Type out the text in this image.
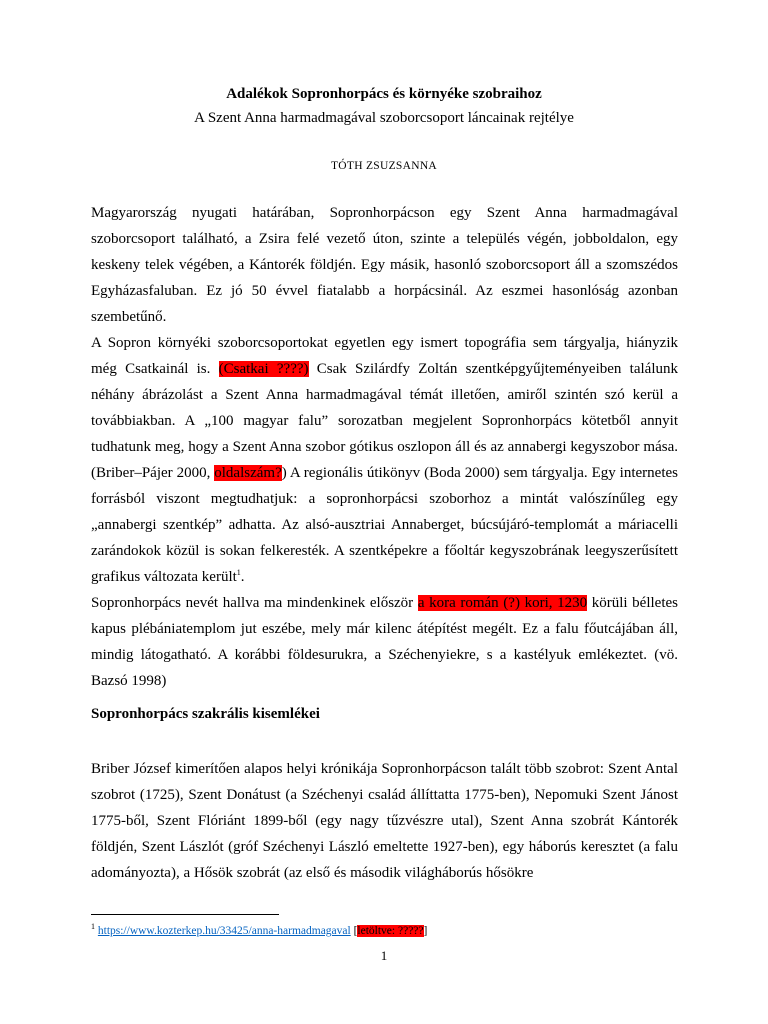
Adalékok Sopronhorpács és környéke szobraihoz
A Szent Anna harmadmagával szoborcsoport láncainak rejtélye
TÓTH ZSUZSANNA

Magyarország nyugati határában, Sopronhorpácson egy Szent Anna harmadmagával szoborcsoport található, a Zsira felé vezető úton, szinte a település végén, jobboldalon, egy keskeny telek végében, a Kántorék földjén. Egy másik, hasonló szoborcsoport áll a szomszédos Egyházasfaluban. Ez jó 50 évvel fiatalabb a horpácsinál. Az eszmei hasonlóság azonban szembetűnő.

A Sopron környéki szoborcsoportokat egyetlen egy ismert topográfia sem tárgyalja, hiányzik még Csatkainál is. (Csatkai ????) Csak Szilárdfy Zoltán szentképgyűjteményeiben találunk néhány ábrázolást a Szent Anna harmadmagával témát illetően, amiről szintén szó kerül a továbbiakban. A „100 magyar falu” sorozatban megjelent Sopronhorpács kötetből annyit tudhatunk meg, hogy a Szent Anna szobor gótikus oszlopon áll és az annabergi kegyszobor mása. (Briber–Pájer 2000, oldalszám?) A regionális útikönyv (Boda 2000) sem tárgyalja. Egy internetes forrásból viszont megtudhatjuk: a sopronhorpácsi szoborhoz a mintát valószínűleg egy „annabergi szentkép” adhatta. Az alsó-ausztriai Annaberget, búcsújáró-templomát a máriacelli zarándokok közül is sokan felkeresték. A szentképekre a főoltár kegyszobrának leegyszerűsített grafikus változata került$^1$.

Sopronhorpács nevét hallva ma mindenkinek először a kora román (?) kori, 1230 körüli bélletes kapus plébániatemplom jut eszébe, mely már kilenc átépítést megélt. Ez a falu főutcájában áll, mindig látogatható. A korábbi földesurukra, a Széchenyiekre, s a kastélyuk emlékeztet. (vö. Bazsó 1998)

Sopronhorpács szakrális kisemlékei

Briber József kimerítően alapos helyi krónikája Sopronhorpácson talált több szobrot: Szent Antal szobrot (1725), Szent Donátust (a Széchenyi család állíttatta 1775-ben), Nepomuki Szent Jánost 1775-ből, Szent Flóriánt 1899-ből (egy nagy tűzvészre utal), Szent Anna szobrát Kántorék földjén, Szent Lászlót (gróf Széchenyi László emeltette 1927-ben), egy háborús keresztet (a falu adományozta), a Hősök szobrát (az első és második világháborús hősökre

$^1$ https://www.kozterkep.hu/33425/anna-harmadmagaval [letöltve: ?????]
1
